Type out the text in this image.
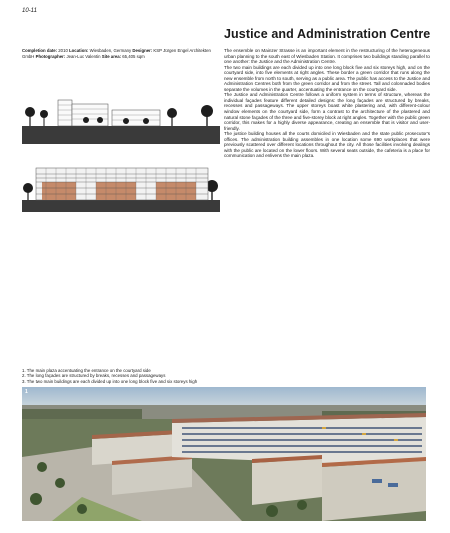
10-11
Justice and Administration Centre
Completion date: 2010 Location: Wiesbaden, Germany Designer: KSP Jürgen Engel Architekten GmbH Photographer: Jean-Luc Valentin Site area: 65,405 sqm

The ensemble on Mainzer Strasse is an important element in the restructuring of the heterogeneous urban planning to the south east of Wiesbaden Station. It comprises two buildings standing parallel to one another: the Justice and the Administration Centre.

The two main buildings are each divided up into one long block five and six storeys high, and on the courtyard side, into five elements at right angles. These border a green corridor that runs along the new ensemble from north to south, serving as a public area. The public has access to the Justice and Administration Centres both from the green corridor and from the street. Tall and colonnaded bodies separate the volumes in the quarter, accentuating the entrance on the courtyard side.

The Justice and Administration Centre follows a uniform system in terms of structure, whereas the individual façades feature different detailed designs: the long façades are structured by breaks, recesses and passageways. The upper storeys boast white plastering and, with different-colour window elements on the courtyard side, form a contrast to the architecture of the plastered and natural stone façades of the three and five-storey block at right angles. Together with the public green corridor, this makes for a highly diverse appearance, creating an ensemble that is visitor and user-friendly.

The justice building houses all the courts domiciled in Wiesbaden and the state public prosecutor's offices. The administration building assembles in one location some 690 workplaces that were previously scattered over different locations throughout the city. All those facilities involving dealings with the public are located on the lower floors. With several seats outside, the cafeteria is a place for communication and enlivens the main plaza.

1. The main plaza accentuating the entrance on the courtyard side
2. The long façades are structured by breaks, recesses and passageways
3. The two main buildings are each divided up into one long block five and six storeys high
1
